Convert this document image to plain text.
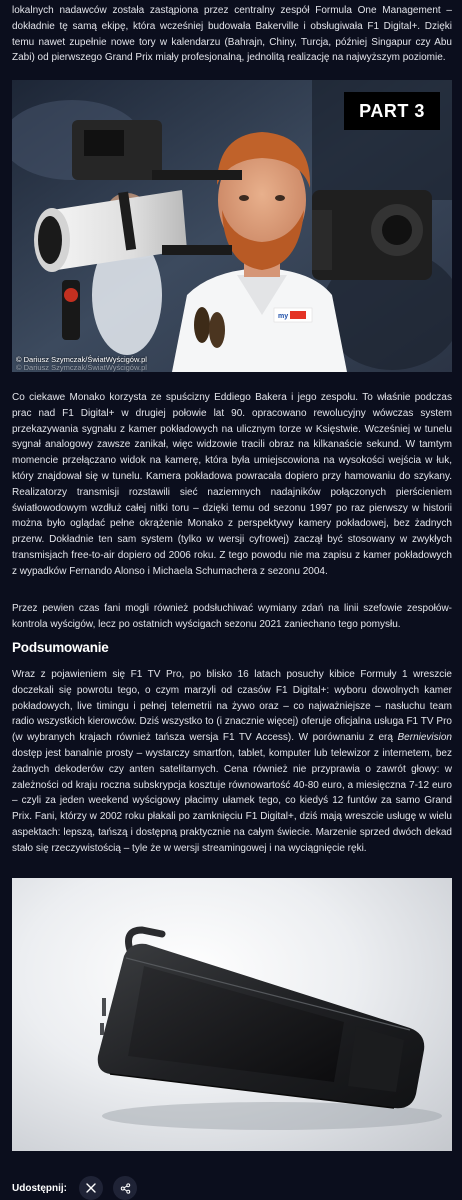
lokalnych nadawców została zastąpiona przez centralny zespół Formula One Management – dokładnie tę samą ekipę, która wcześniej budowała Bakerville i obsługiwała F1 Digital+. Dzięki temu nawet zupełnie nowe tory w kalendarzu (Bahrajn, Chiny, Turcja, później Singapur czy Abu Zabi) od pierwszego Grand Prix miały profesjonalną, jednolitą realizację na najwyższym poziomie.

my
PART 3
© Dariusz Szymczak/ŚwiatWyścigów.pl
© Dariusz Szymczak/ŚwiatWyścigów.pl

Co ciekawe Monako korzysta ze spuścizny Eddiego Bakera i jego zespołu. To właśnie podczas prac nad F1 Digital+ w drugiej połowie lat 90. opracowano rewolucyjny wówczas system przekazywania sygnału z kamer pokładowych na ulicznym torze w Księstwie. Wcześniej w tunelu sygnał analogowy zawsze zanikał, więc widzowie tracili obraz na kilkanaście sekund. W tamtym momencie przełączano widok na kamerę, która była umiejscowiona na wysokości wejścia w łuk, który znajdował się w tunelu. Kamera pokładowa powracała dopiero przy hamowaniu do szykany. Realizatorzy transmisji rozstawili sieć naziemnych nadajników połączonych pierścieniem światłowodowym wzdłuż całej nitki toru – dzięki temu od sezonu 1997 po raz pierwszy w historii można było oglądać pełne okrążenie Monako z perspektywy kamery pokładowej, bez żadnych przerw. Dokładnie ten sam system (tylko w wersji cyfrowej) zaczął być stosowany w zwykłych transmisjach free-to-air dopiero od 2006 roku. Z tego powodu nie ma zapisu z kamer pokładowych z wypadków Fernando Alonso i Michaela Schumachera z sezonu 2004.

Przez pewien czas fani mogli również podsłuchiwać wymiany zdań na linii szefowie zespołów-kontrola wyścigów, lecz po ostatnich wyścigach sezonu 2021 zaniechano tego pomysłu.

Podsumowanie

Wraz z pojawieniem się F1 TV Pro, po blisko 16 latach posuchy kibice Formuły 1 wreszcie doczekali się powrotu tego, o czym marzyli od czasów F1 Digital+: wyboru dowolnych kamer pokładowych, live timingu i pełnej telemetrii na żywo oraz – co najważniejsze – nasłuchu team radio wszystkich kierowców. Dziś wszystko to (i znacznie więcej) oferuje oficjalna usługa F1 TV Pro (w wybranych krajach również tańsza wersja F1 TV Access). W porównaniu z erą Bernievision dostęp jest banalnie prosty – wystarczy smartfon, tablet, komputer lub telewizor z internetem, bez żadnych dekoderów czy anten satelitarnych. Cena również nie przyprawia o zawrót głowy: w zależności od kraju roczna subskrypcja kosztuje równowartość 40-80 euro, a miesięczna 7-12 euro – czyli za jeden weekend wyścigowy płacimy ułamek tego, co kiedyś 12 funtów za samo Grand Prix. Fani, którzy w 2002 roku płakali po zamknięciu F1 Digital+, dziś mają wreszcie usługę w wielu aspektach: lepszą, tańszą i dostępną praktycznie na całym świecie. Marzenie sprzed dwóch dekad stało się rzeczywistością – tyle że w wersji streamingowej i na wyciągnięcie ręki.

Udostępnij:
